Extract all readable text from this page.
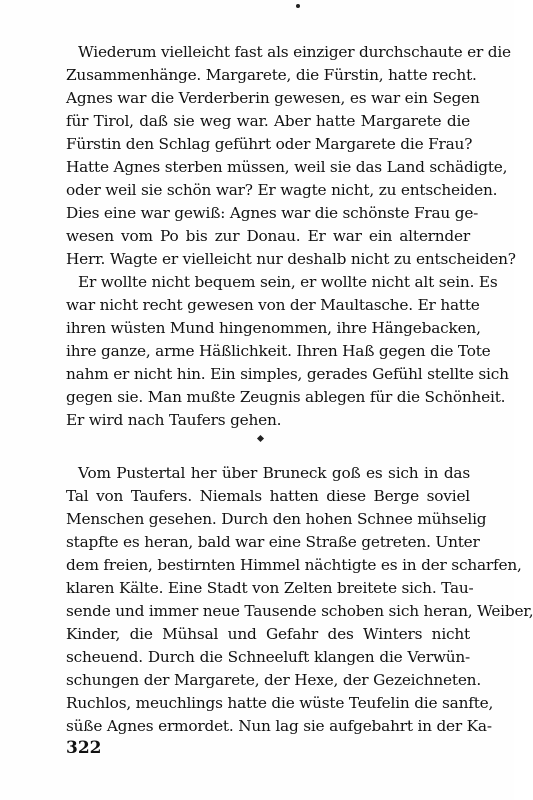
Wiederum vielleicht fast als einziger durchschaute er die
Zusammenhänge. Margarete, die Fürstin, hatte recht.
Agnes war die Verderberin gewesen, es war ein Segen
für Tirol, daß sie weg war. Aber hatte Margarete die
Fürstin den Schlag geführt oder Margarete die Frau?
Hatte Agnes sterben müssen, weil sie das Land schädigte,
oder weil sie schön war? Er wagte nicht, zu entscheiden.
Dies eine war gewiß: Agnes war die schönste Frau ge-
wesen vom Po bis zur Donau. Er war ein alternder
Herr. Wagte er vielleicht nur deshalb nicht zu entscheiden?
Er wollte nicht bequem sein, er wollte nicht alt sein. Es
war nicht recht gewesen von der Maultasche. Er hatte
ihren wüsten Mund hingenommen, ihre Hängebacken,
ihre ganze, arme Häßlichkeit. Ihren Haß gegen die Tote
nahm er nicht hin. Ein simples, gerades Gefühl stellte sich
gegen sie. Man mußte Zeugnis ablegen für die Schönheit.
Er wird nach Taufers gehen.
Vom Pustertal her über Bruneck goß es sich in das
Tal von Taufers. Niemals hatten diese Berge soviel
Menschen gesehen. Durch den hohen Schnee mühselig
stapfte es heran, bald war eine Straße getreten. Unter
dem freien, bestirnten Himmel nächtigte es in der scharfen,
klaren Kälte. Eine Stadt von Zelten breitete sich. Tau-
sende und immer neue Tausende schoben sich heran, Weiber,
Kinder, die Mühsal und Gefahr des Winters nicht
scheuend. Durch die Schneeluft klangen die Verwün-
schungen der Margarete, der Hexe, der Gezeichneten.
Ruchlos, meuchlings hatte die wüste Teufelin die sanfte,
süße Agnes ermordet. Nun lag sie aufgebahrt in der Ka-
322
